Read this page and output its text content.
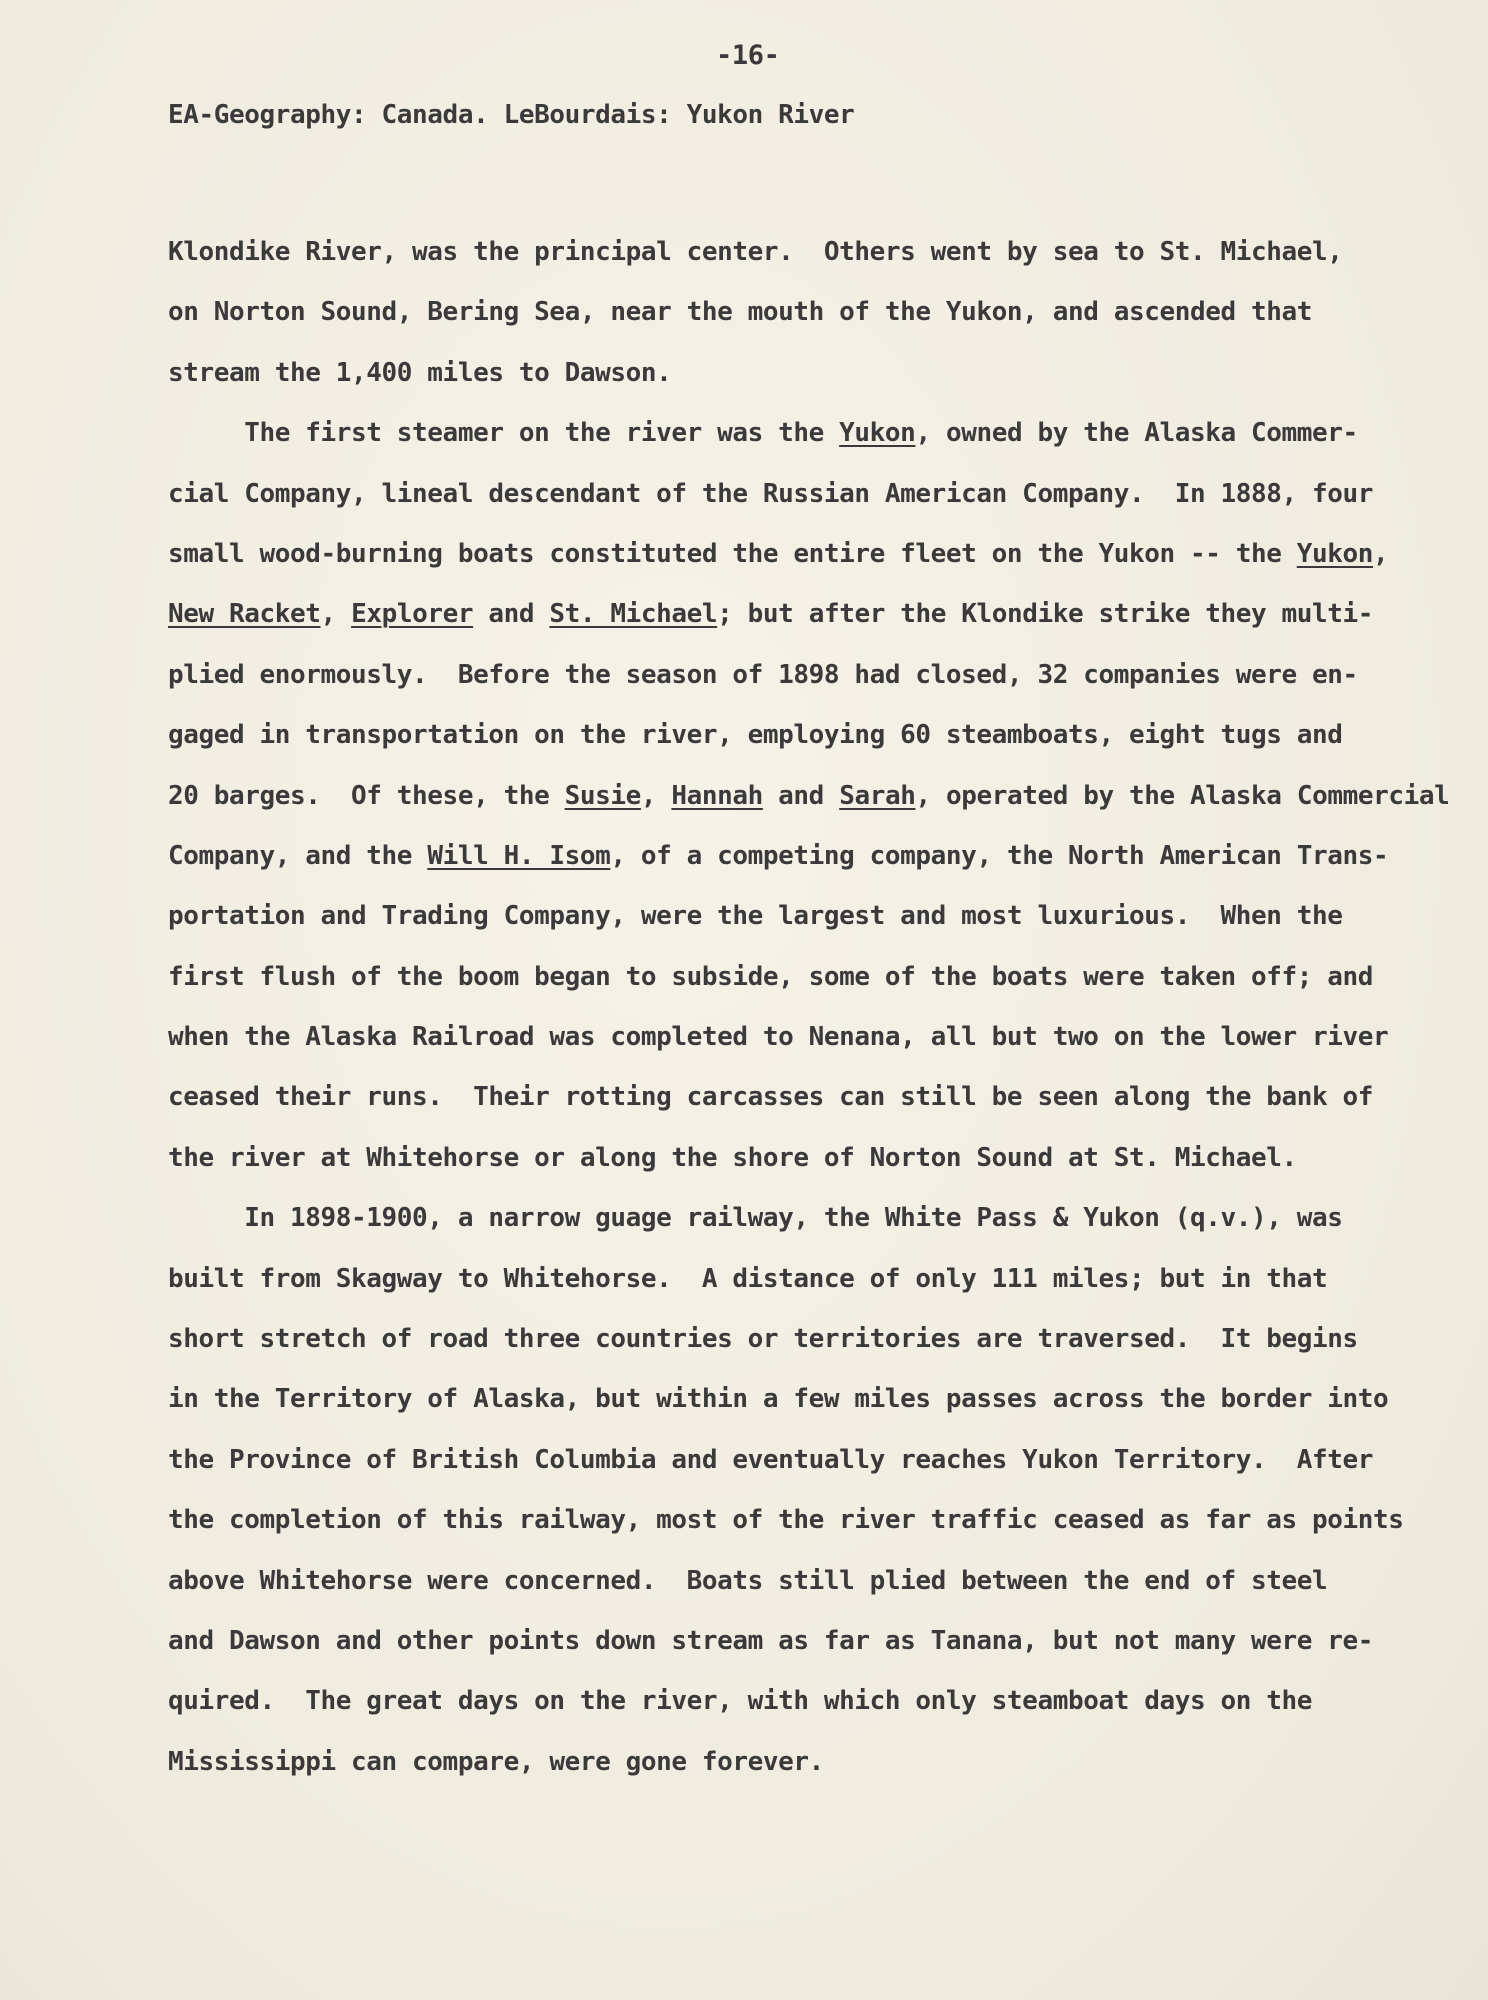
-16-

EA-Geography: Canada. LeBourdais: Yukon River

Klondike River, was the principal center.  Others went by sea to St. Michael,
on Norton Sound, Bering Sea, near the mouth of the Yukon, and ascended that
stream the 1,400 miles to Dawson.
The first steamer on the river was the Yukon, owned by the Alaska Commer-
cial Company, lineal descendant of the Russian American Company.  In 1888, four
small wood-burning boats constituted the entire fleet on the Yukon -- the Yukon,
New Racket, Explorer and St. Michael; but after the Klondike strike they multi-
plied enormously.  Before the season of 1898 had closed, 32 companies were en-
gaged in transportation on the river, employing 60 steamboats, eight tugs and
20 barges.  Of these, the Susie, Hannah and Sarah, operated by the Alaska Commercial
Company, and the Will H. Isom, of a competing company, the North American Trans-
portation and Trading Company, were the largest and most luxurious.  When the
first flush of the boom began to subside, some of the boats were taken off; and
when the Alaska Railroad was completed to Nenana, all but two on the lower river
ceased their runs.  Their rotting carcasses can still be seen along the bank of
the river at Whitehorse or along the shore of Norton Sound at St. Michael.
In 1898-1900, a narrow guage railway, the White Pass & Yukon (q.v.), was
built from Skagway to Whitehorse.  A distance of only 111 miles; but in that
short stretch of road three countries or territories are traversed.  It begins
in the Territory of Alaska, but within a few miles passes across the border into
the Province of British Columbia and eventually reaches Yukon Territory.  After
the completion of this railway, most of the river traffic ceased as far as points
above Whitehorse were concerned.  Boats still plied between the end of steel
and Dawson and other points down stream as far as Tanana, but not many were re-
quired.  The great days on the river, with which only steamboat days on the
Mississippi can compare, were gone forever.
